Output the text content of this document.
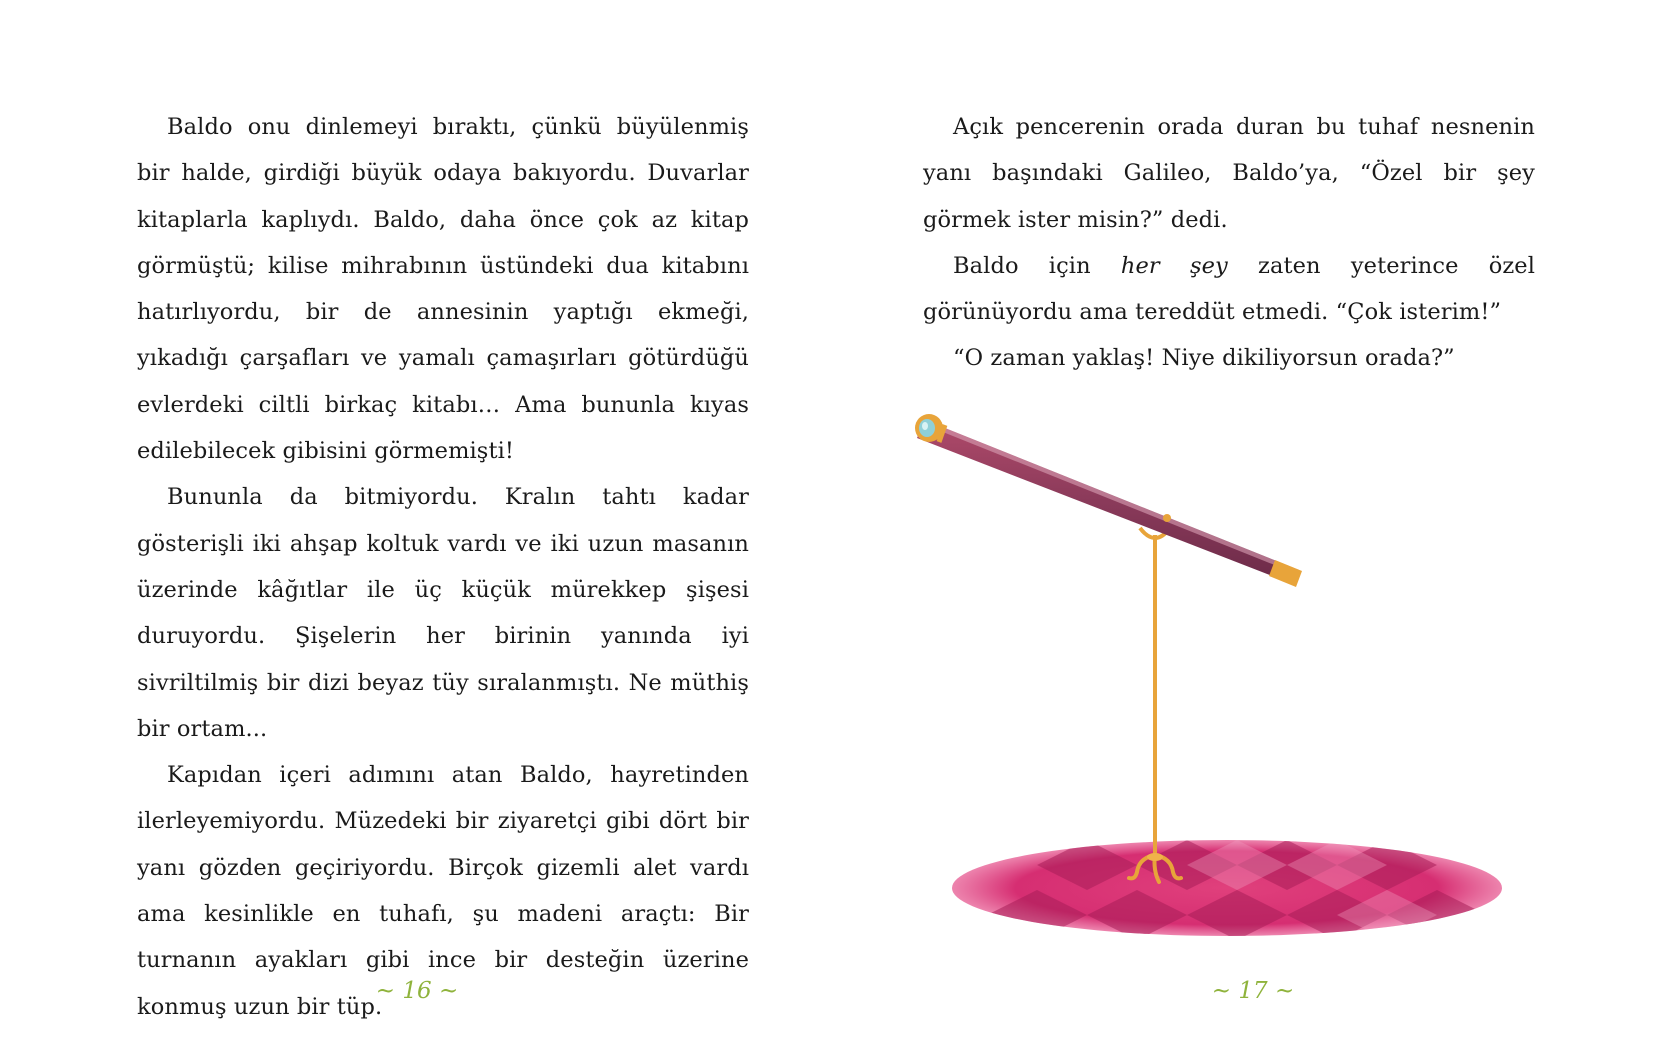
Baldo onu dinlemeyi bıraktı, çünkü büyülenmiş bir halde, girdiği büyük odaya bakıyordu. Duvarlar kitaplarla kaplıydı. Baldo, daha önce çok az kitap görmüştü; kilise mihrabının üstündeki dua kitabını hatırlıyordu, bir de annesinin yaptığı ekmeği, yıkadığı çarşafları ve yamalı çamaşırları götürdüğü evlerdeki ciltli birkaç kitabı… Ama bununla kıyas edilebilecek gibisini görmemişti!

Bununla da bitmiyordu. Kralın tahtı kadar gösterişli iki ahşap koltuk vardı ve iki uzun masanın üzerinde kâğıtlar ile üç küçük mürekkep şişesi duruyordu. Şişelerin her birinin yanında iyi sivriltilmiş bir dizi beyaz tüy sıralanmıştı. Ne müthiş bir ortam...

Kapıdan içeri adımını atan Baldo, hayretinden ilerleyemiyordu. Müzedeki bir ziyaretçi gibi dört bir yanı gözden geçiriyordu. Birçok gizemli alet vardı ama kesinlikle en tuhafı, şu madeni araçtı: Bir turnanın ayakları gibi ince bir desteğin üzerine konmuş uzun bir tüp.

~ 16 ~

Açık pencerenin orada duran bu tuhaf nesnenin yanı başındaki Galileo, Baldo’ya, “Özel bir şey görmek ister misin?” dedi.

Baldo için her şey zaten yeterince özel görünüyordu ama tereddüt etmedi. “Çok isterim!”

“O zaman yaklaş! Niye dikiliyorsun orada?”

~ 17 ~
